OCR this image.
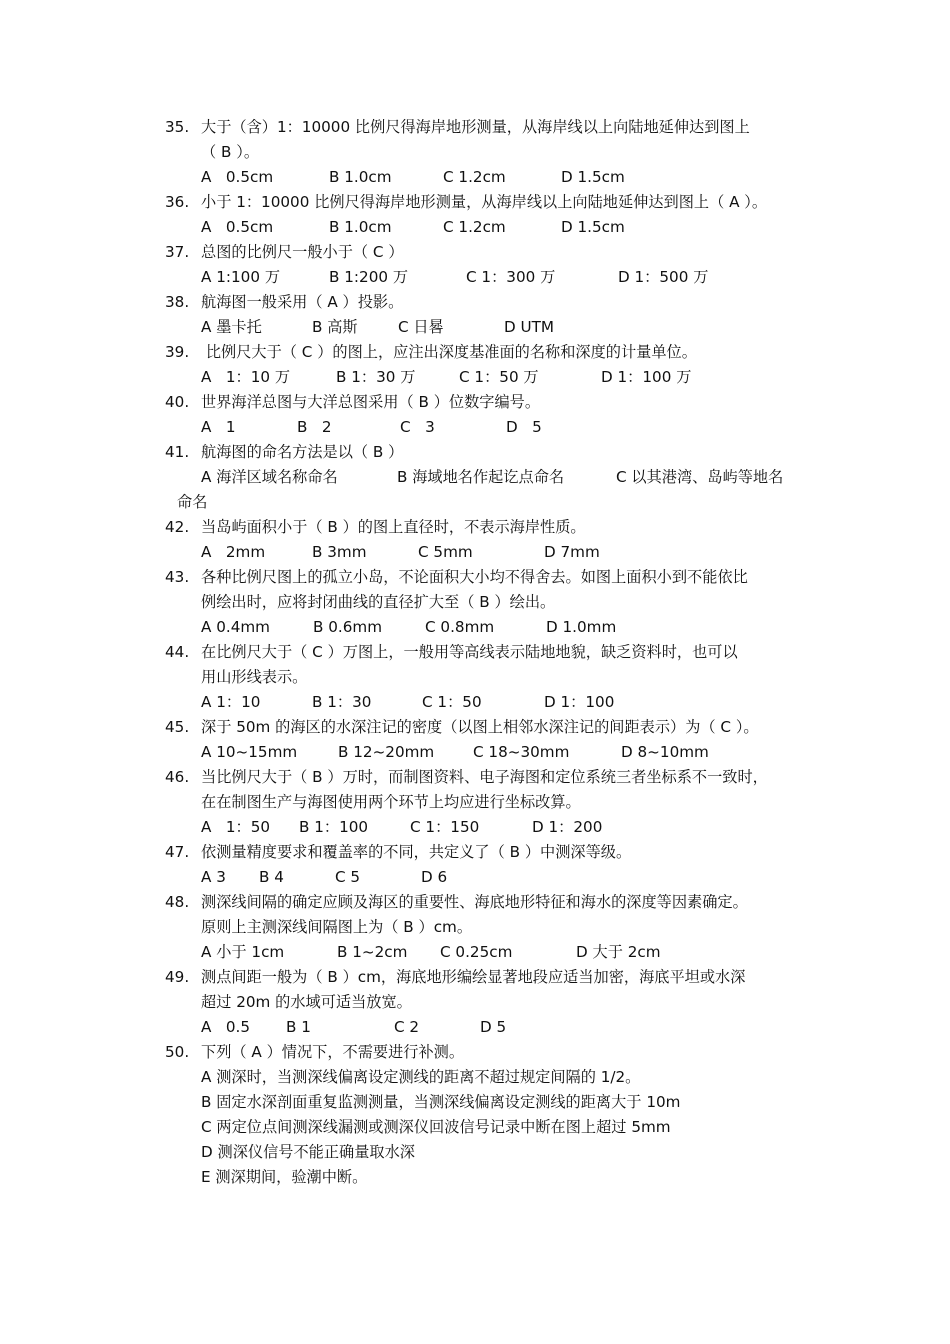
35. 大于（含）1：10000 比例尺得海岸地形测量，从海岸线以上向陆地延伸达到图上
（ B ）。
A   0.5cm	B 1.0cm	C 1.2cm	D 1.5cm
36. 小于 1：10000 比例尺得海岸地形测量，从海岸线以上向陆地延伸达到图上（ A ）。
A   0.5cm	B 1.0cm	C 1.2cm	D 1.5cm
37. 总图的比例尺一般小于（ C ）
A 1:100 万	B 1:200 万	C 1：300 万	D 1：500 万
38. 航海图一般采用（ A ）投影。
A 墨卡托	B 高斯	C 日晷	D UTM
39. 比例尺大于（ C ）的图上，应注出深度基准面的名称和深度的计量单位。
A   1：10 万	B 1：30 万	C 1：50 万	D 1：100 万
40. 世界海洋总图与大洋总图采用（ B ）位数字编号。
A   1	B   2	C   3	D   5
41. 航海图的命名方法是以（ B ）
A 海洋区域名称命名	B 海域地名作起讫点命名	C 以其港湾、岛屿等地名
命名
42. 当岛屿面积小于（ B ）的图上直径时，不表示海岸性质。
A   2mm	B 3mm	C 5mm	D 7mm
43. 各种比例尺图上的孤立小岛，不论面积大小均不得舍去。如图上面积小到不能依比
例绘出时，应将封闭曲线的直径扩大至（ B ）绘出。
A 0.4mm	B 0.6mm	C 0.8mm	D 1.0mm
44. 在比例尺大于（ C ）万图上，一般用等高线表示陆地地貌，缺乏资料时，也可以
用山形线表示。
A 1：10	B 1：30	C 1：50	D 1：100
45. 深于 50m 的海区的水深注记的密度（以图上相邻水深注记的间距表示）为（ C ）。
A 10~15mm	B 12~20mm	C 18~30mm	D 8~10mm
46. 当比例尺大于（ B ）万时，而制图资料、电子海图和定位系统三者坐标系不一致时，
在在制图生产与海图使用两个环节上均应进行坐标改算。
A   1：50	B 1：100	C 1：150	D 1：200
47. 依测量精度要求和覆盖率的不同，共定义了（ B ）中测深等级。
A 3	B 4	C 5	D 6
48. 测深线间隔的确定应顾及海区的重要性、海底地形特征和海水的深度等因素确定。
原则上主测深线间隔图上为（ B ）cm。
A 小于 1cm	B 1~2cm	C 0.25cm	D 大于 2cm
49. 测点间距一般为（ B ）cm，海底地形编绘显著地段应适当加密，海底平坦或水深
超过 20m 的水域可适当放宽。
A   0.5	B 1	C 2	D 5
50. 下列（ A ）情况下，不需要进行补测。
A 测深时，当测深线偏离设定测线的距离不超过规定间隔的 1/2。
B 固定水深剖面重复监测测量，当测深线偏离设定测线的距离大于 10m
C 两定位点间测深线漏测或测深仪回波信号记录中断在图上超过 5mm
D 测深仪信号不能正确量取水深
E 测深期间，验潮中断。
